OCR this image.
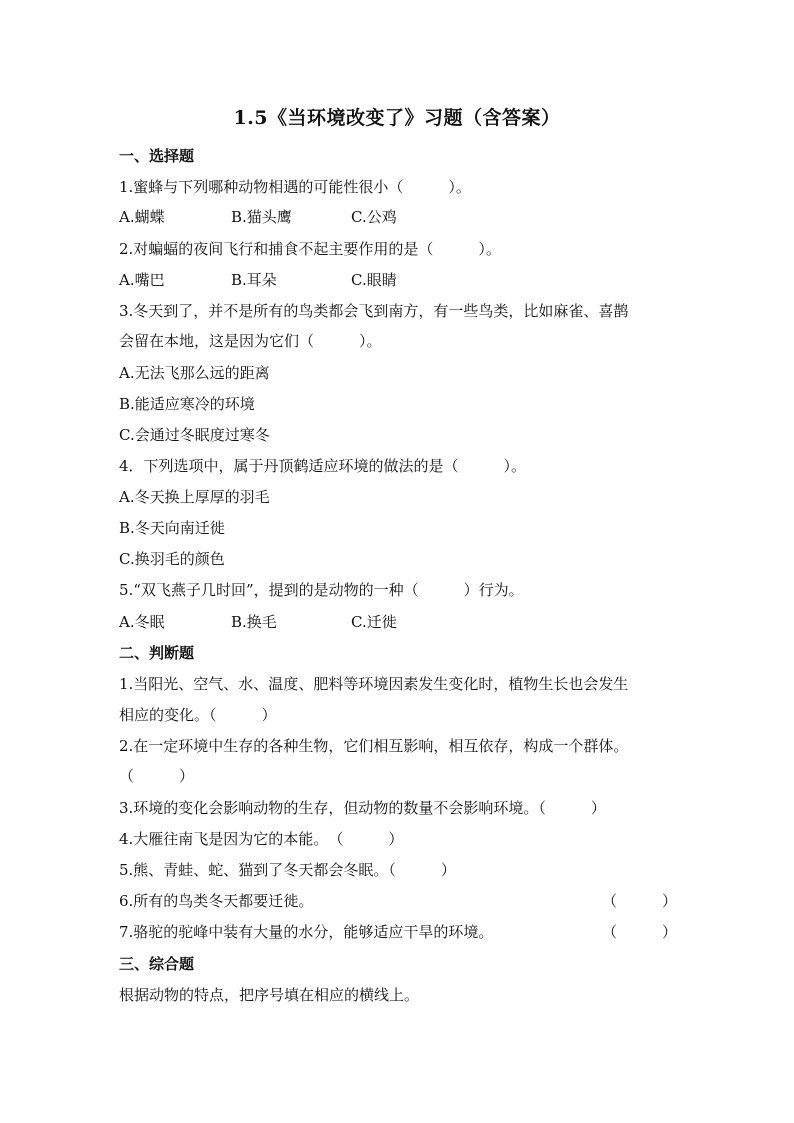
1.5《当环境改变了》习题（含答案）
一、选择题
1.蜜蜂与下列哪种动物相遇的可能性很小（　　　）。
A.蝴蝶	B.猫头鹰	C.公鸡
2.对蝙蝠的夜间飞行和捕食不起主要作用的是（　　　）。
A.嘴巴	B.耳朵	C.眼睛
3.冬天到了，并不是所有的鸟类都会飞到南方，有一些鸟类，比如麻雀、喜鹊
会留在本地，这是因为它们（　　　）。
A.无法飞那么远的距离
B.能适应寒冷的环境
C.会通过冬眠度过寒冬
4．下列选项中，属于丹顶鹤适应环境的做法的是（　　　）。
A.冬天换上厚厚的羽毛
B.冬天向南迁徙
C.换羽毛的颜色
5.“双飞燕子几时回”，提到的是动物的一种（　　　）行为。
A.冬眠	B.换毛	C.迁徙
二、判断题
1.当阳光、空气、水、温度、肥料等环境因素发生变化时，植物生长也会发生
相应的变化。（　　　）
2.在一定环境中生存的各种生物，它们相互影响，相互依存，构成一个群体。
（　　　）
3.环境的变化会影响动物的生存，但动物的数量不会影响环境。（　　　）
4.大雁往南飞是因为它的本能。　（　　　）
5.熊、青蛙、蛇、猫到了冬天都会冬眠。（　　　）
6.所有的鸟类冬天都要迁徙。	（　　　）
7.骆驼的驼峰中装有大量的水分，能够适应干旱的环境。	（　　　）
三、综合题
根据动物的特点，把序号填在相应的横线上。
